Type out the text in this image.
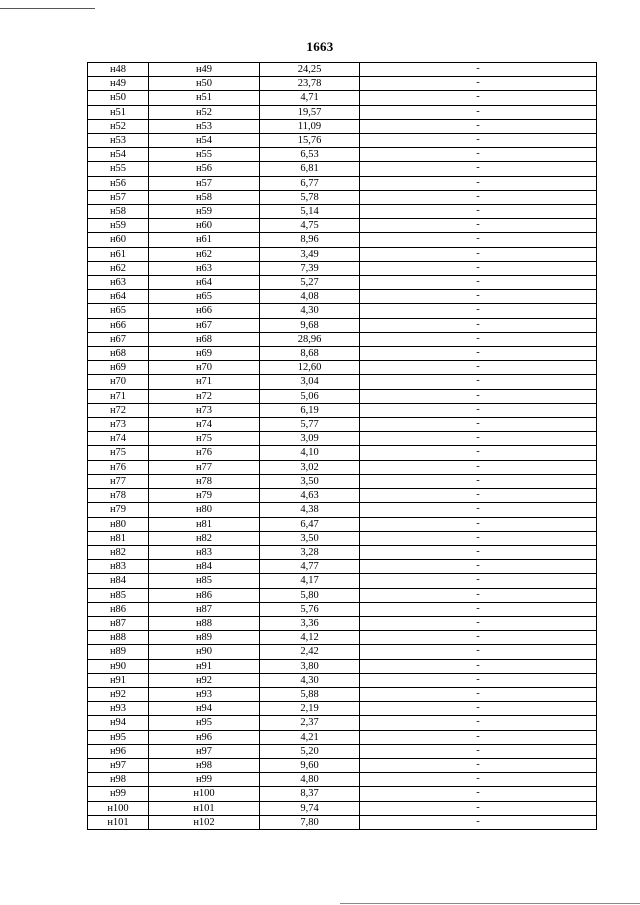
1663
н48	н49	24,25	-
н49	н50	23,78	-
н50	н51	4,71	-
н51	н52	19,57	-
н52	н53	11,09	-
н53	н54	15,76	-
н54	н55	6,53	-
н55	н56	6,81	-
н56	н57	6,77	-
н57	н58	5,78	-
н58	н59	5,14	-
н59	н60	4,75	-
н60	н61	8,96	-
н61	н62	3,49	-
н62	н63	7,39	-
н63	н64	5,27	-
н64	н65	4,08	-
н65	н66	4,30	-
н66	н67	9,68	-
н67	н68	28,96	-
н68	н69	8,68	-
н69	н70	12,60	-
н70	н71	3,04	-
н71	н72	5,06	-
н72	н73	6,19	-
н73	н74	5,77	-
н74	н75	3,09	-
н75	н76	4,10	-
н76	н77	3,02	-
н77	н78	3,50	-
н78	н79	4,63	-
н79	н80	4,38	-
н80	н81	6,47	-
н81	н82	3,50	-
н82	н83	3,28	-
н83	н84	4,77	-
н84	н85	4,17	-
н85	н86	5,80	-
н86	н87	5,76	-
н87	н88	3,36	-
н88	н89	4,12	-
н89	н90	2,42	-
н90	н91	3,80	-
н91	н92	4,30	-
н92	н93	5,88	-
н93	н94	2,19	-
н94	н95	2,37	-
н95	н96	4,21	-
н96	н97	5,20	-
н97	н98	9,60	-
н98	н99	4,80	-
н99	н100	8,37	-
н100	н101	9,74	-
н101	н102	7,80	-
